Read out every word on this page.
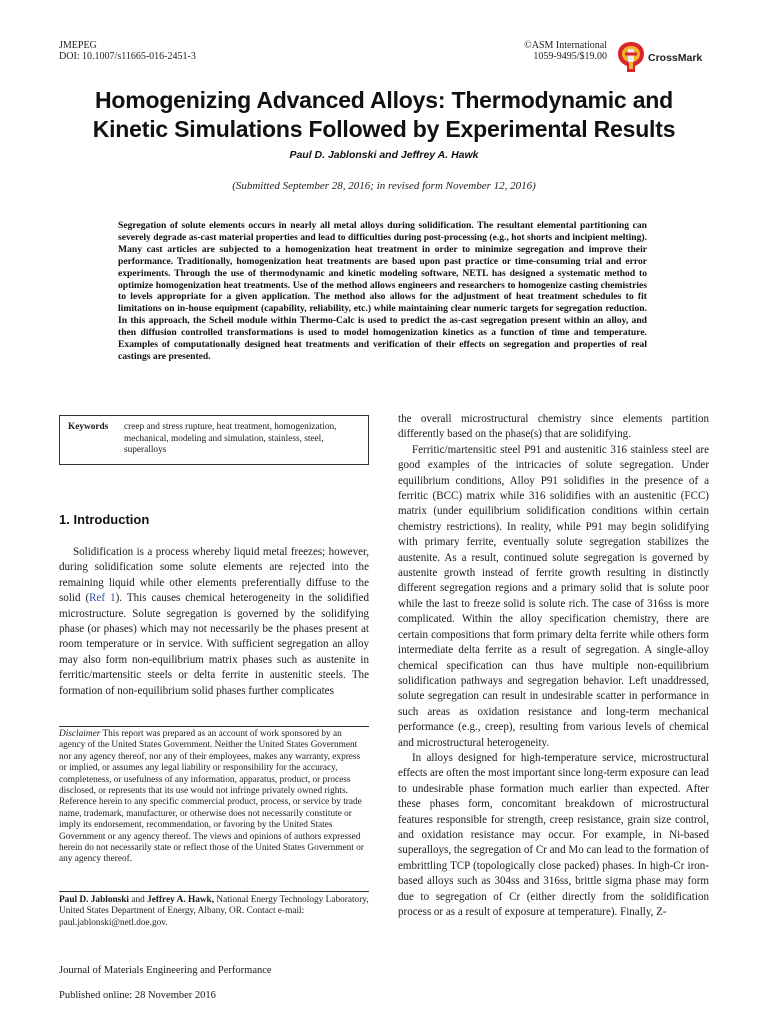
JMEPEG
DOI: 10.1007/s11665-016-2451-3
©ASM International
1059-9495/$19.00	CrossMark
Homogenizing Advanced Alloys: Thermodynamic and
Kinetic Simulations Followed by Experimental Results
Paul D. Jablonski and Jeffrey A. Hawk
(Submitted September 28, 2016; in revised form November 12, 2016)
Segregation of solute elements occurs in nearly all metal alloys during solidification. The resultant elemental partitioning can severely degrade as-cast material properties and lead to difficulties during post-processing (e.g., hot shorts and incipient melting). Many cast articles are subjected to a homogenization heat treatment in order to minimize segregation and improve their performance. Traditionally, homogenization heat treatments are based upon past practice or time-consuming trial and error experiments. Through the use of thermodynamic and kinetic modeling software, NETL has designed a systematic method to optimize homogenization heat treatments. Use of the method allows engineers and researchers to homogenize casting chemistries to levels appropriate for a given application. The method also allows for the adjustment of heat treatment schedules to fit limitations on in-house equipment (capability, reliability, etc.) while maintaining clear numeric targets for segregation reduction. In this approach, the Scheil module within Thermo-Calc is used to predict the as-cast segregation present within an alloy, and then diffusion controlled transformations is used to model homogenization kinetics as a function of time and temperature. Examples of computationally designed heat treatments and verification of their effects on segregation and properties of real castings are presented.
Keywords	creep and stress rupture, heat treatment, homogenization, mechanical, modeling and simulation, stainless, steel, superalloys
1. Introduction

Solidification is a process whereby liquid metal freezes; however, during solidification some solute elements are rejected into the remaining liquid while other elements preferentially diffuse to the solid (Ref 1). This causes chemical heterogeneity in the solidified microstructure. Solute segregation is governed by the solidifying phase (or phases) which may not necessarily be the phases present at room temperature or in service. With sufficient segregation an alloy may also form non-equilibrium matrix phases such as austenite in ferritic/martensitic steels or delta ferrite in austenitic steels. The formation of non-equilibrium solid phases further complicates

Disclaimer This report was prepared as an account of work sponsored by an agency of the United States Government. Neither the United States Government nor any agency thereof, nor any of their employees, makes any warranty, express or implied, or assumes any legal liability or responsibility for the accuracy, completeness, or usefulness of any information, apparatus, product, or process disclosed, or represents that its use would not infringe privately owned rights. Reference herein to any specific commercial product, process, or service by trade name, trademark, manufacturer, or otherwise does not necessarily constitute or imply its endorsement, recommendation, or favoring by the United States Government or any agency thereof. The views and opinions of authors expressed herein do not necessarily state or reflect those of the United States Government or any agency thereof.
Paul D. Jablonski and Jeffrey A. Hawk, National Energy Technology Laboratory, United States Department of Energy, Albany, OR. Contact e-mail: paul.jablonski@netl.doe.gov.
Journal of Materials Engineering and Performance
Published online: 28 November 2016

the overall microstructural chemistry since elements partition differently based on the phase(s) that are solidifying.

Ferritic/martensitic steel P91 and austenitic 316 stainless steel are good examples of the intricacies of solute segregation. Under equilibrium conditions, Alloy P91 solidifies in the presence of a ferritic (BCC) matrix while 316 solidifies with an austenitic (FCC) matrix (under equilibrium solidification conditions within certain chemistry restrictions). In reality, while P91 may begin solidifying with primary ferrite, eventually solute segregation stabilizes the austenite. As a result, continued solute segregation is governed by austenite growth instead of ferrite growth resulting in distinctly different segregation regions and a primary solid that is solute poor while the last to freeze solid is solute rich. The case of 316ss is more complicated. Within the alloy specification chemistry, there are certain compositions that form primary delta ferrite while others form intermediate delta ferrite as a result of segregation. A single-alloy chemical specification can thus have multiple non-equilibrium solidification pathways and segregation behavior. Left unaddressed, solute segregation can result in undesirable scatter in performance in such areas as oxidation resistance and long-term mechanical performance (e.g., creep), resulting from various levels of chemical and microstructural heterogeneity.

In alloys designed for high-temperature service, microstructural effects are often the most important since long-term exposure can lead to undesirable phase formation much earlier than expected. After these phases form, concomitant breakdown of microstructural features responsible for strength, creep resistance, grain size control, and oxidation resistance may occur. For example, in Ni-based superalloys, the segregation of Cr and Mo can lead to the formation of embrittling TCP (topologically close packed) phases. In high-Cr iron-based alloys such as 304ss and 316ss, brittle sigma phase may form due to segregation of Cr (either directly from the solidification process or as a result of exposure at temperature). Finally, Z-
